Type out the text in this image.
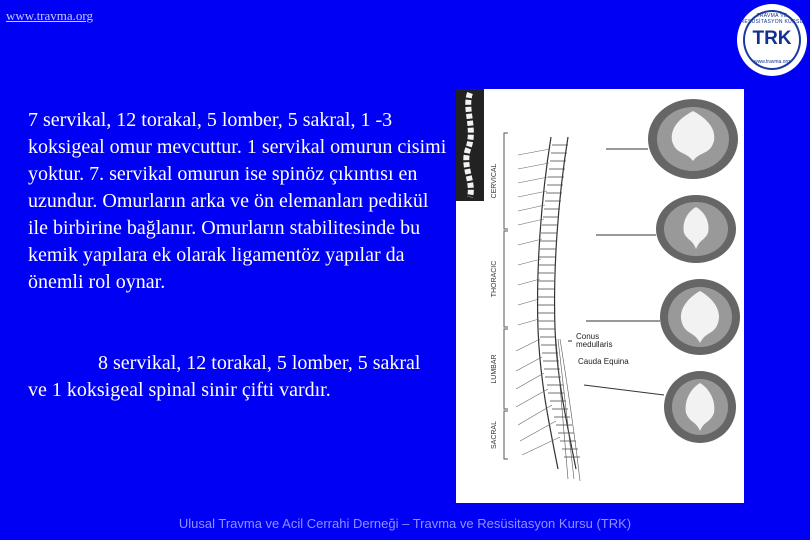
www.travma.org	TRAVMA VE RESÜSİTASYON KURSU
TRK
www.travma.org
7 servikal, 12 torakal, 5 lomber, 5 sakral, 1 -3 koksigeal omur mevcuttur. 1 servikal omurun cisimi yoktur. 7. servikal omurun ise spinöz çıkıntısı en uzundur. Omurların arka ve ön elemanları pedikül ile birbirine bağlanır. Omurların stabilitesinde bu kemik yapılara ek olarak ligamentöz yapılar da önemli rol oynar.
8 servikal, 12 torakal, 5 lomber, 5 sakral ve 1 koksigeal spinal sinir çifti vardır.
CERVICAL
THORACIC
LUMBAR
SACRAL
Conus
medullaris
Cauda Equina
Ulusal Travma ve Acil Cerrahi Derneği – Travma ve Resüsitasyon Kursu (TRK)
